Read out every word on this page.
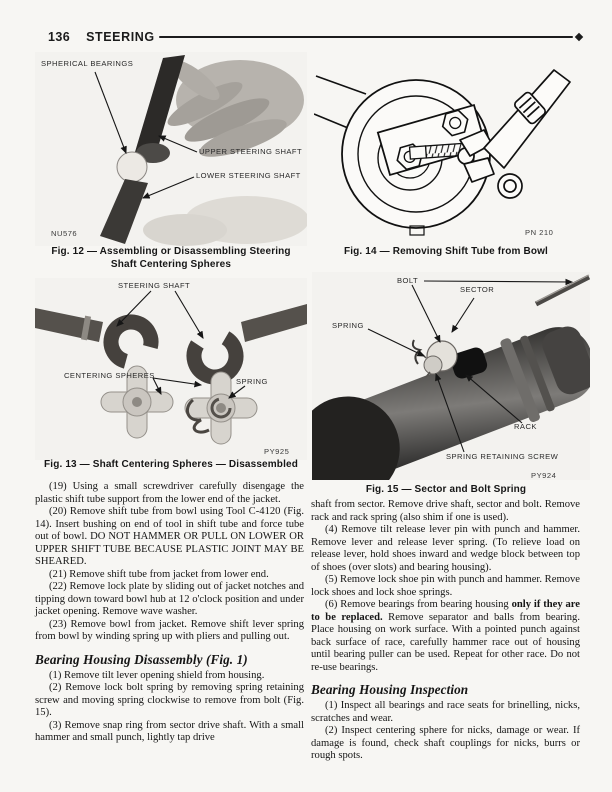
136 STEERING
SPHERICAL BEARINGS
UPPER STEERING SHAFT
LOWER STEERING SHAFT
NU576
Fig. 12 — Assembling or Disassembling Steering
Shaft Centering Spheres
PN 210
Fig. 14 — Removing Shift Tube from Bowl
STEERING SHAFT
CENTERING SPHERES
SPRING
PY925
Fig. 13 — Shaft Centering Spheres — Disassembled
BOLT
SECTOR
SPRING
RACK
SPRING RETAINING SCREW
PY924
Fig. 15 — Sector and Bolt Spring

(19) Using a small screwdriver carefully disengage the plastic shift tube support from the lower end of the jacket.

(20) Remove shift tube from bowl using Tool C-4120 (Fig. 14). Insert bushing on end of tool in shift tube and force tube out of bowl. DO NOT HAMMER OR PULL ON LOWER OR UPPER SHIFT TUBE BECAUSE PLASTIC JOINT MAY BE SHEARED.

(21) Remove shift tube from jacket from lower end.

(22) Remove lock plate by sliding out of jacket notches and tipping down toward bowl hub at 12 o'clock position and under jacket opening. Remove wave washer.

(23) Remove bowl from jacket. Remove shift lever spring from bowl by winding spring up with pliers and pulling out.

Bearing Housing Disassembly (Fig. 1)

(1) Remove tilt lever opening shield from housing.

(2) Remove lock bolt spring by removing spring retaining screw and moving spring clockwise to remove from bolt (Fig. 15).

(3) Remove snap ring from sector drive shaft. With a small hammer and small punch, lightly tap drive

shaft from sector. Remove drive shaft, sector and bolt. Remove rack and rack spring (also shim if one is used).

(4) Remove tilt release lever pin with punch and hammer. Remove lever and release lever spring. (To relieve load on release lever, hold shoes inward and wedge block between top of shoes (over slots) and bearing housing).

(5) Remove lock shoe pin with punch and hammer. Remove lock shoes and lock shoe springs.

(6) Remove bearings from bearing housing only if they are to be replaced. Remove separator and balls from bearing. Place housing on work surface. With a pointed punch against back surface of race, carefully hammer race out of housing until bearing puller can be used. Repeat for other race. Do not re-use bearings.

Bearing Housing Inspection

(1) Inspect all bearings and race seats for brinelling, nicks, scratches and wear.

(2) Inspect centering sphere for nicks, damage or wear. If damage is found, check shaft couplings for nicks, burrs or rough spots.
